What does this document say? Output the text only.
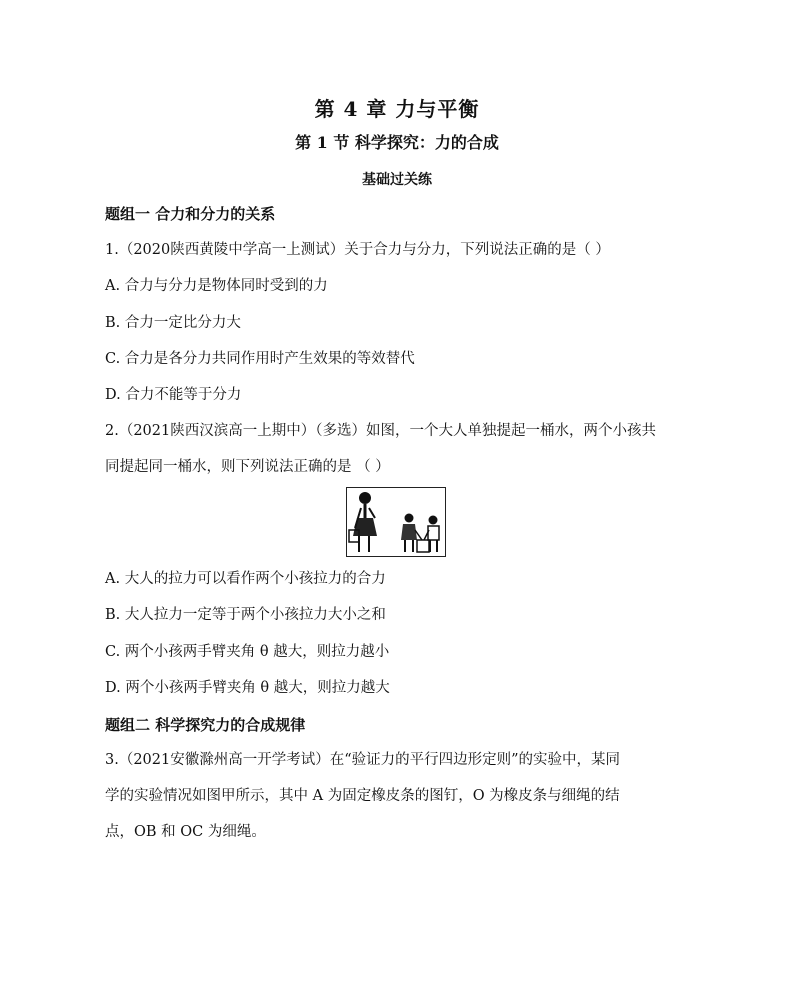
第 4 章 力与平衡
第 1 节 科学探究：力的合成
基础过关练
题组一 合力和分力的关系
1.（2020陕西黄陵中学高一上测试）关于合力与分力，下列说法正确的是（ ）
A. 合力与分力是物体同时受到的力
B. 合力一定比分力大
C. 合力是各分力共同作用时产生效果的等效替代
D. 合力不能等于分力
2.（2021陕西汉滨高一上期中）（多选）如图，一个大人单独提起一桶水，两个小孩共
同提起同一桶水，则下列说法正确的是 （ ）
A. 大人的拉力可以看作两个小孩拉力的合力
B. 大人拉力一定等于两个小孩拉力大小之和
C. 两个小孩两手臂夹角 θ 越大，则拉力越小
D. 两个小孩两手臂夹角 θ 越大，则拉力越大
题组二 科学探究力的合成规律
3.（2021安徽滁州高一开学考试）在“验证力的平行四边形定则”的实验中，某同
学的实验情况如图甲所示，其中 A 为固定橡皮条的图钉，O 为橡皮条与细绳的结
点，OB 和 OC 为细绳。
